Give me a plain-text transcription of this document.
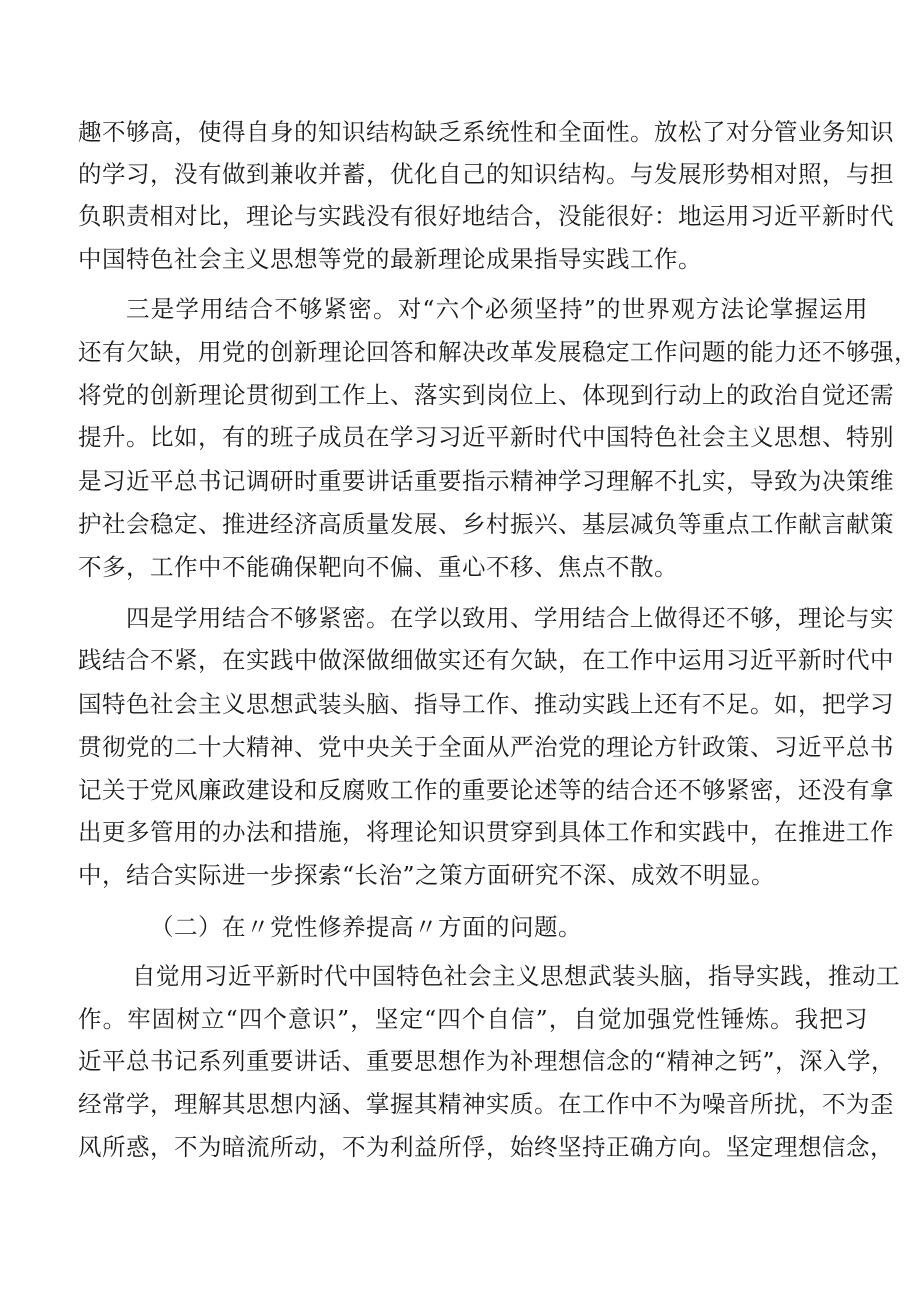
趣不够高，使得自身的知识结构缺乏系统性和全面性。放松了对分管业务知识
的学习，没有做到兼收并蓄，优化自己的知识结构。与发展形势相对照，与担
负职责相对比，理论与实践没有很好地结合，没能很好：地运用习近平新时代
中国特色社会主义思想等党的最新理论成果指导实践工作。
三是学用结合不够紧密。对“六个必须坚持”的世界观方法论掌握运用
还有欠缺，用党的创新理论回答和解决改革发展稳定工作问题的能力还不够强，
将党的创新理论贯彻到工作上、落实到岗位上、体现到行动上的政治自觉还需
提升。比如，有的班子成员在学习习近平新时代中国特色社会主义思想、特别
是习近平总书记调研时重要讲话重要指示精神学习理解不扎实，导致为决策维
护社会稳定、推进经济高质量发展、乡村振兴、基层减负等重点工作献言献策
不多，工作中不能确保靶向不偏、重心不移、焦点不散。
四是学用结合不够紧密。在学以致用、学用结合上做得还不够，理论与实
践结合不紧，在实践中做深做细做实还有欠缺，在工作中运用习近平新时代中
国特色社会主义思想武装头脑、指导工作、推动实践上还有不足。如，把学习
贯彻党的二十大精神、党中央关于全面从严治党的理论方针政策、习近平总书
记关于党风廉政建设和反腐败工作的重要论述等的结合还不够紧密，还没有拿
出更多管用的办法和措施，将理论知识贯穿到具体工作和实践中，在推进工作
中，结合实际进一步探索“长治”之策方面研究不深、成效不明显。
（二）在〃党性修养提高〃方面的问题。
自觉用习近平新时代中国特色社会主义思想武装头脑，指导实践，推动工
作。牢固树立“四个意识”，坚定“四个自信”，自觉加强党性锤炼。我把习
近平总书记系列重要讲话、重要思想作为补理想信念的“精神之钙”，深入学，
经常学，理解其思想内涵、掌握其精神实质。在工作中不为噪音所扰，不为歪
风所惑，不为暗流所动，不为利益所俘，始终坚持正确方向。坚定理想信念，
